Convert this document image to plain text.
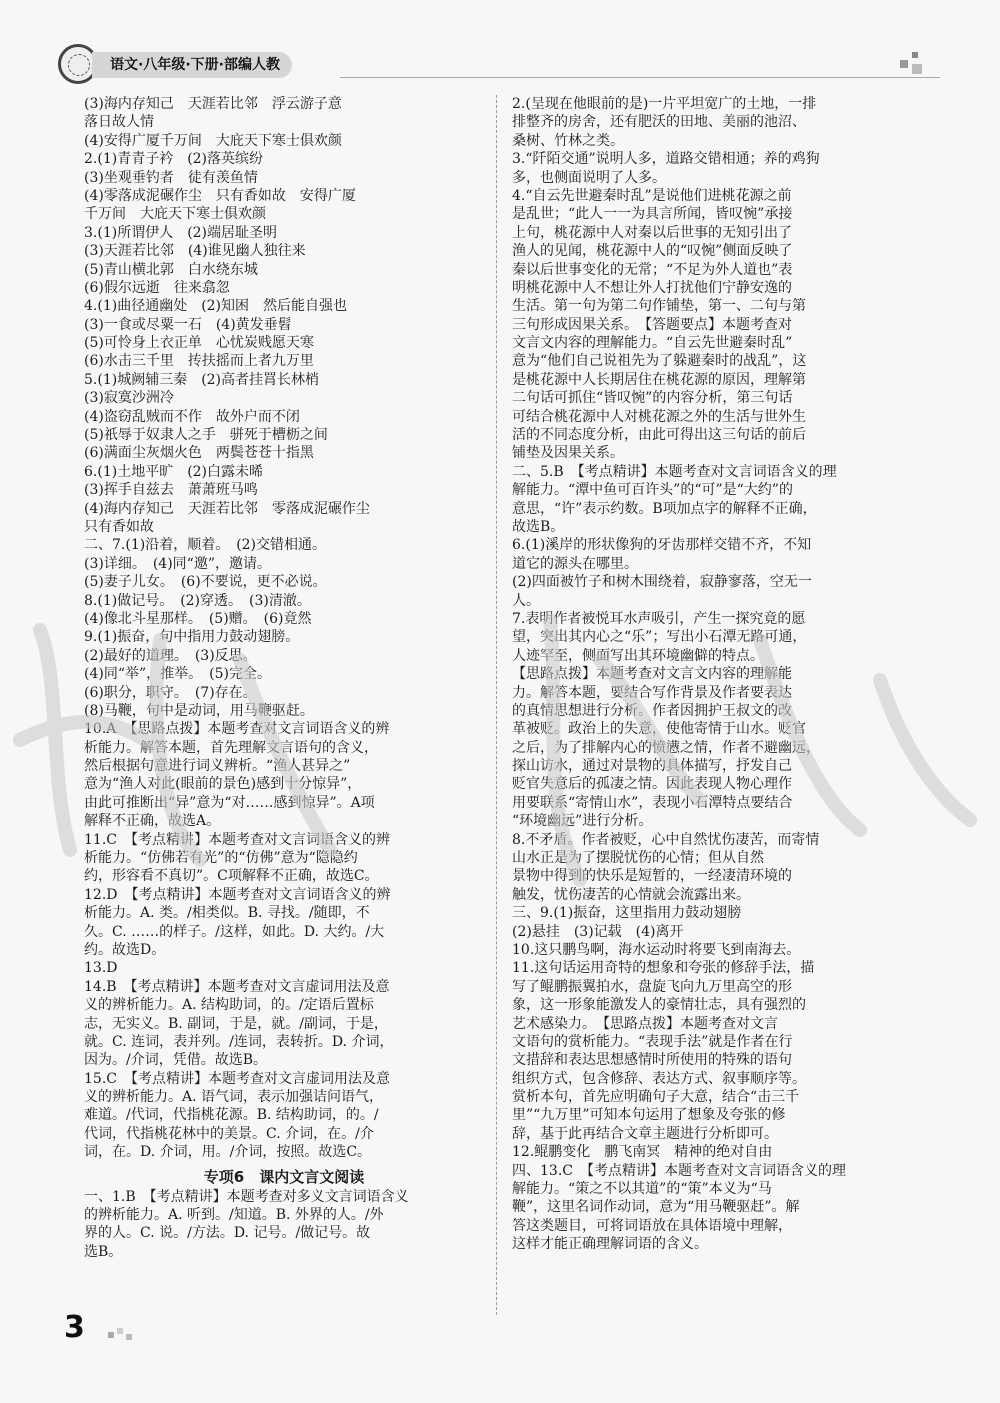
语文·八年级·下册·部编人教
(3)海内存知己　天涯若比邻　浮云游子意
落日故人情
(4)安得广厦千万间　大庇天下寒士俱欢颜
2.(1)青青子衿　(2)落英缤纷
(3)坐观垂钓者　徒有羡鱼情
(4)零落成泥碾作尘　只有香如故　安得广厦
千万间　大庇天下寒士俱欢颜
3.(1)所谓伊人　(2)端居耻圣明
(3)天涯若比邻　(4)谁见幽人独往来
(5)青山横北郭　白水绕东城
(6)假尔远逝　往来翕忽
4.(1)曲径通幽处　(2)知困　然后能自强也
(3)一食或尽粟一石　(4)黄发垂髫
(5)可怜身上衣正单　心忧炭贱愿天寒
(6)水击三千里　抟扶摇而上者九万里
5.(1)城阙辅三秦　(2)高者挂罥长林梢
(3)寂寞沙洲冷
(4)盗窃乱贼而不作　故外户而不闭
(5)祇辱于奴隶人之手　骈死于槽枥之间
(6)满面尘灰烟火色　两鬓苍苍十指黑
6.(1)土地平旷　(2)白露未晞
(3)挥手自兹去　萧萧班马鸣
(4)海内存知己　天涯若比邻　零落成泥碾作尘
只有香如故
二、7.(1)沿着，顺着。　(2)交错相通。
(3)详细。　(4)同“邀”，邀请。
(5)妻子儿女。　(6)不要说，更不必说。
8.(1)做记号。　(2)穿透。　(3)清澈。
(4)像北斗星那样。　(5)赠。　(6)竟然
9.(1)振奋，句中指用力鼓动翅膀。
(2)最好的道理。　(3)反思。
(4)同“举”，推举。　(5)完全。
(6)职分，职守。　(7)存在。
(8)马鞭，句中是动词，用马鞭驱赶。
10.A　【思路点拨】本题考查对文言词语含义的辨
析能力。解答本题，首先理解文言语句的含义，
然后根据句意进行词义辨析。“渔人甚异之”
意为“渔人对此(眼前的景色)感到十分惊异”，
由此可推断出“异”意为“对……感到惊异”。A项
解释不正确，故选A。
11.C　【考点精讲】本题考查对文言词语含义的辨
析能力。“仿佛若有光”的“仿佛”意为“隐隐约
约，形容看不真切”。C项解释不正确，故选C。
12.D　【考点精讲】本题考查对文言词语含义的辨
析能力。A. 类。/相类似。B. 寻找。/随即，不
久。C. ……的样子。/这样，如此。D. 大约。/大
约。故选D。
13.D
14.B　【考点精讲】本题考查对文言虚词用法及意
义的辨析能力。A. 结构助词，的。/定语后置标
志，无实义。B. 副词，于是，就。/副词，于是，
就。C. 连词，表并列。/连词，表转折。D. 介词，
因为。/介词，凭借。故选B。
15.C　【考点精讲】本题考查对文言虚词用法及意
义的辨析能力。A. 语气词，表示加强诘问语气，
难道。/代词，代指桃花源。B. 结构助词，的。/
代词，代指桃花林中的美景。C. 介词，在。/介
词，在。D. 介词，用。/介词，按照。故选C。
专项6　课内文言文阅读
一、1.B　【考点精讲】本题考查对多义文言词语含义
的辨析能力。A. 听到。/知道。B. 外界的人。/外
界的人。C. 说。/方法。D. 记号。/做记号。故
选B。
2.(呈现在他眼前的是)一片平坦宽广的土地，一排
排整齐的房舍，还有肥沃的田地、美丽的池沼、
桑树、竹林之类。
3.“阡陌交通”说明人多，道路交错相通；养的鸡狗
多，也侧面说明了人多。
4.“自云先世避秦时乱”是说他们进桃花源之前
是乱世；“此人一一为具言所闻，皆叹惋”承接
上句，桃花源中人对秦以后世事的无知引出了
渔人的见闻，桃花源中人的“叹惋”侧面反映了
秦以后世事变化的无常；“不足为外人道也”表
明桃花源中人不想让外人打扰他们宁静安逸的
生活。第一句为第二句作铺垫，第一、二句与第
三句形成因果关系。　【答题要点】本题考查对
文言文内容的理解能力。“自云先世避秦时乱”
意为“他们自己说祖先为了躲避秦时的战乱”，这
是桃花源中人长期居住在桃花源的原因，理解第
二句话可抓住“皆叹惋”的内容分析，第三句话
可结合桃花源中人对桃花源之外的生活与世外生
活的不同态度分析，由此可得出这三句话的前后
铺垫及因果关系。
二、5.B　【考点精讲】本题考查对文言词语含义的理
解能力。“潭中鱼可百许头”的“可”是“大约”的
意思，“许”表示约数。B项加点字的解释不正确，
故选B。
6.(1)溪岸的形状像狗的牙齿那样交错不齐，不知
道它的源头在哪里。
(2)四面被竹子和树木围绕着，寂静寥落，空无一
人。
7.表明作者被悦耳水声吸引，产生一探究竟的愿
望，突出其内心之“乐”；写出小石潭无路可通，
人迹罕至，侧面写出其环境幽僻的特点。
【思路点拨】本题考查对文言文内容的理解能
力。解答本题，要结合写作背景及作者要表达
的真情思想进行分析。作者因拥护王叔文的改
革被贬。政治上的失意，使他寄情于山水。贬官
之后，为了排解内心的愤懑之情，作者不避幽远，
探山访水，通过对景物的具体描写，抒发自己
贬官失意后的孤凄之情。因此表现人物心理作
用要联系“寄情山水”，表现小石潭特点要结合
“环境幽远”进行分析。
8.不矛盾。作者被贬，心中自然忧伤凄苦，而寄情
山水正是为了摆脱忧伤的心情；但从自然
景物中得到的快乐是短暂的，一经凄清环境的
触发，忧伤凄苦的心情就会流露出来。
三、9.(1)振奋，这里指用力鼓动翅膀
(2)悬挂　(3)记载　(4)离开
10.这只鹏鸟啊，海水运动时将要飞到南海去。
11.这句话运用奇特的想象和夸张的修辞手法，描
写了鲲鹏振翼拍水，盘旋飞向九万里高空的形
象，这一形象能激发人的豪情壮志，具有强烈的
艺术感染力。　【思路点拨】本题考查对文言
文语句的赏析能力。“表现手法”就是作者在行
文措辞和表达思想感情时所使用的特殊的语句
组织方式，包含修辞、表达方式、叙事顺序等。
赏析本句，首先应明确句子大意，结合“击三千
里”“九万里”可知本句运用了想象及夸张的修
辞，基于此再结合文章主题进行分析即可。
12.鲲鹏变化　鹏飞南冥　精神的绝对自由
四、13.C　【考点精讲】本题考查对文言词语含义的理
解能力。“策之不以其道”的“策”本义为“马
鞭”，这里名词作动词，意为“用马鞭驱赶”。解
答这类题目，可将词语放在具体语境中理解，
这样才能正确理解词语的含义。
3
